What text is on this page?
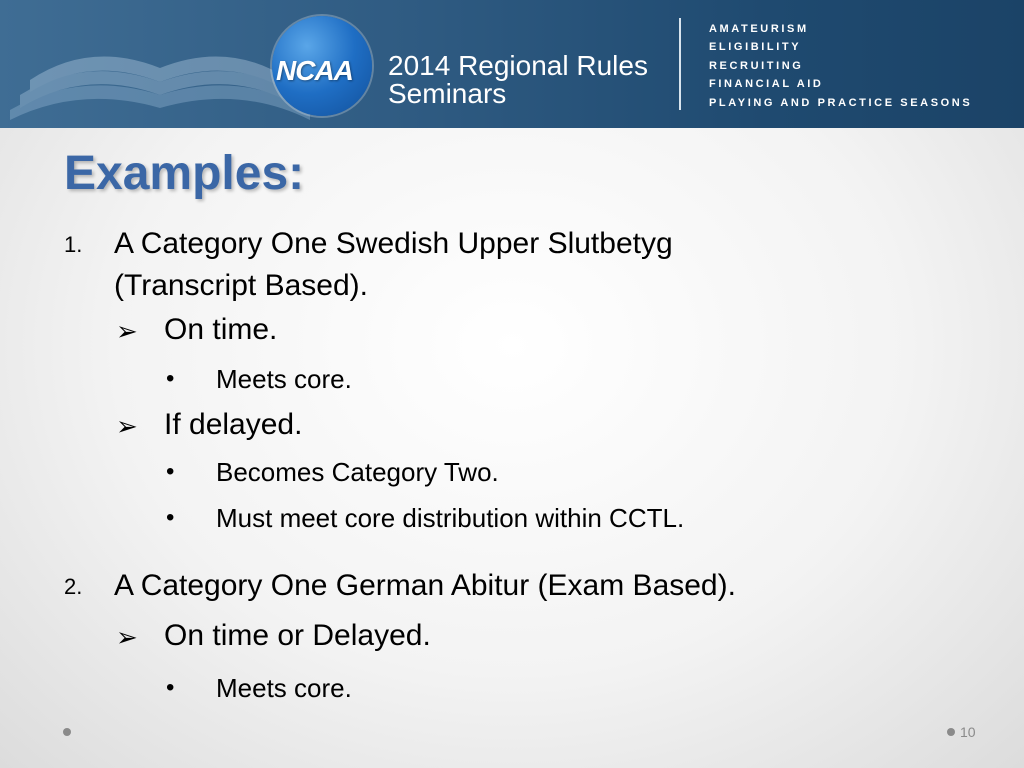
NCAA	2014 Regional Rules
Seminars
AMATEURISM
ELIGIBILITY
RECRUITING
FINANCIAL AID
PLAYING AND PRACTICE SEASONS
Examples:
1. A Category One Swedish Upper Slutbetyg
(Transcript Based).
➢ On time.
• Meets core.
➢ If delayed.
• Becomes Category Two.
• Must meet core distribution within CCTL.
2. A Category One German Abitur (Exam Based).
➢ On time or Delayed.
• Meets core.
10
